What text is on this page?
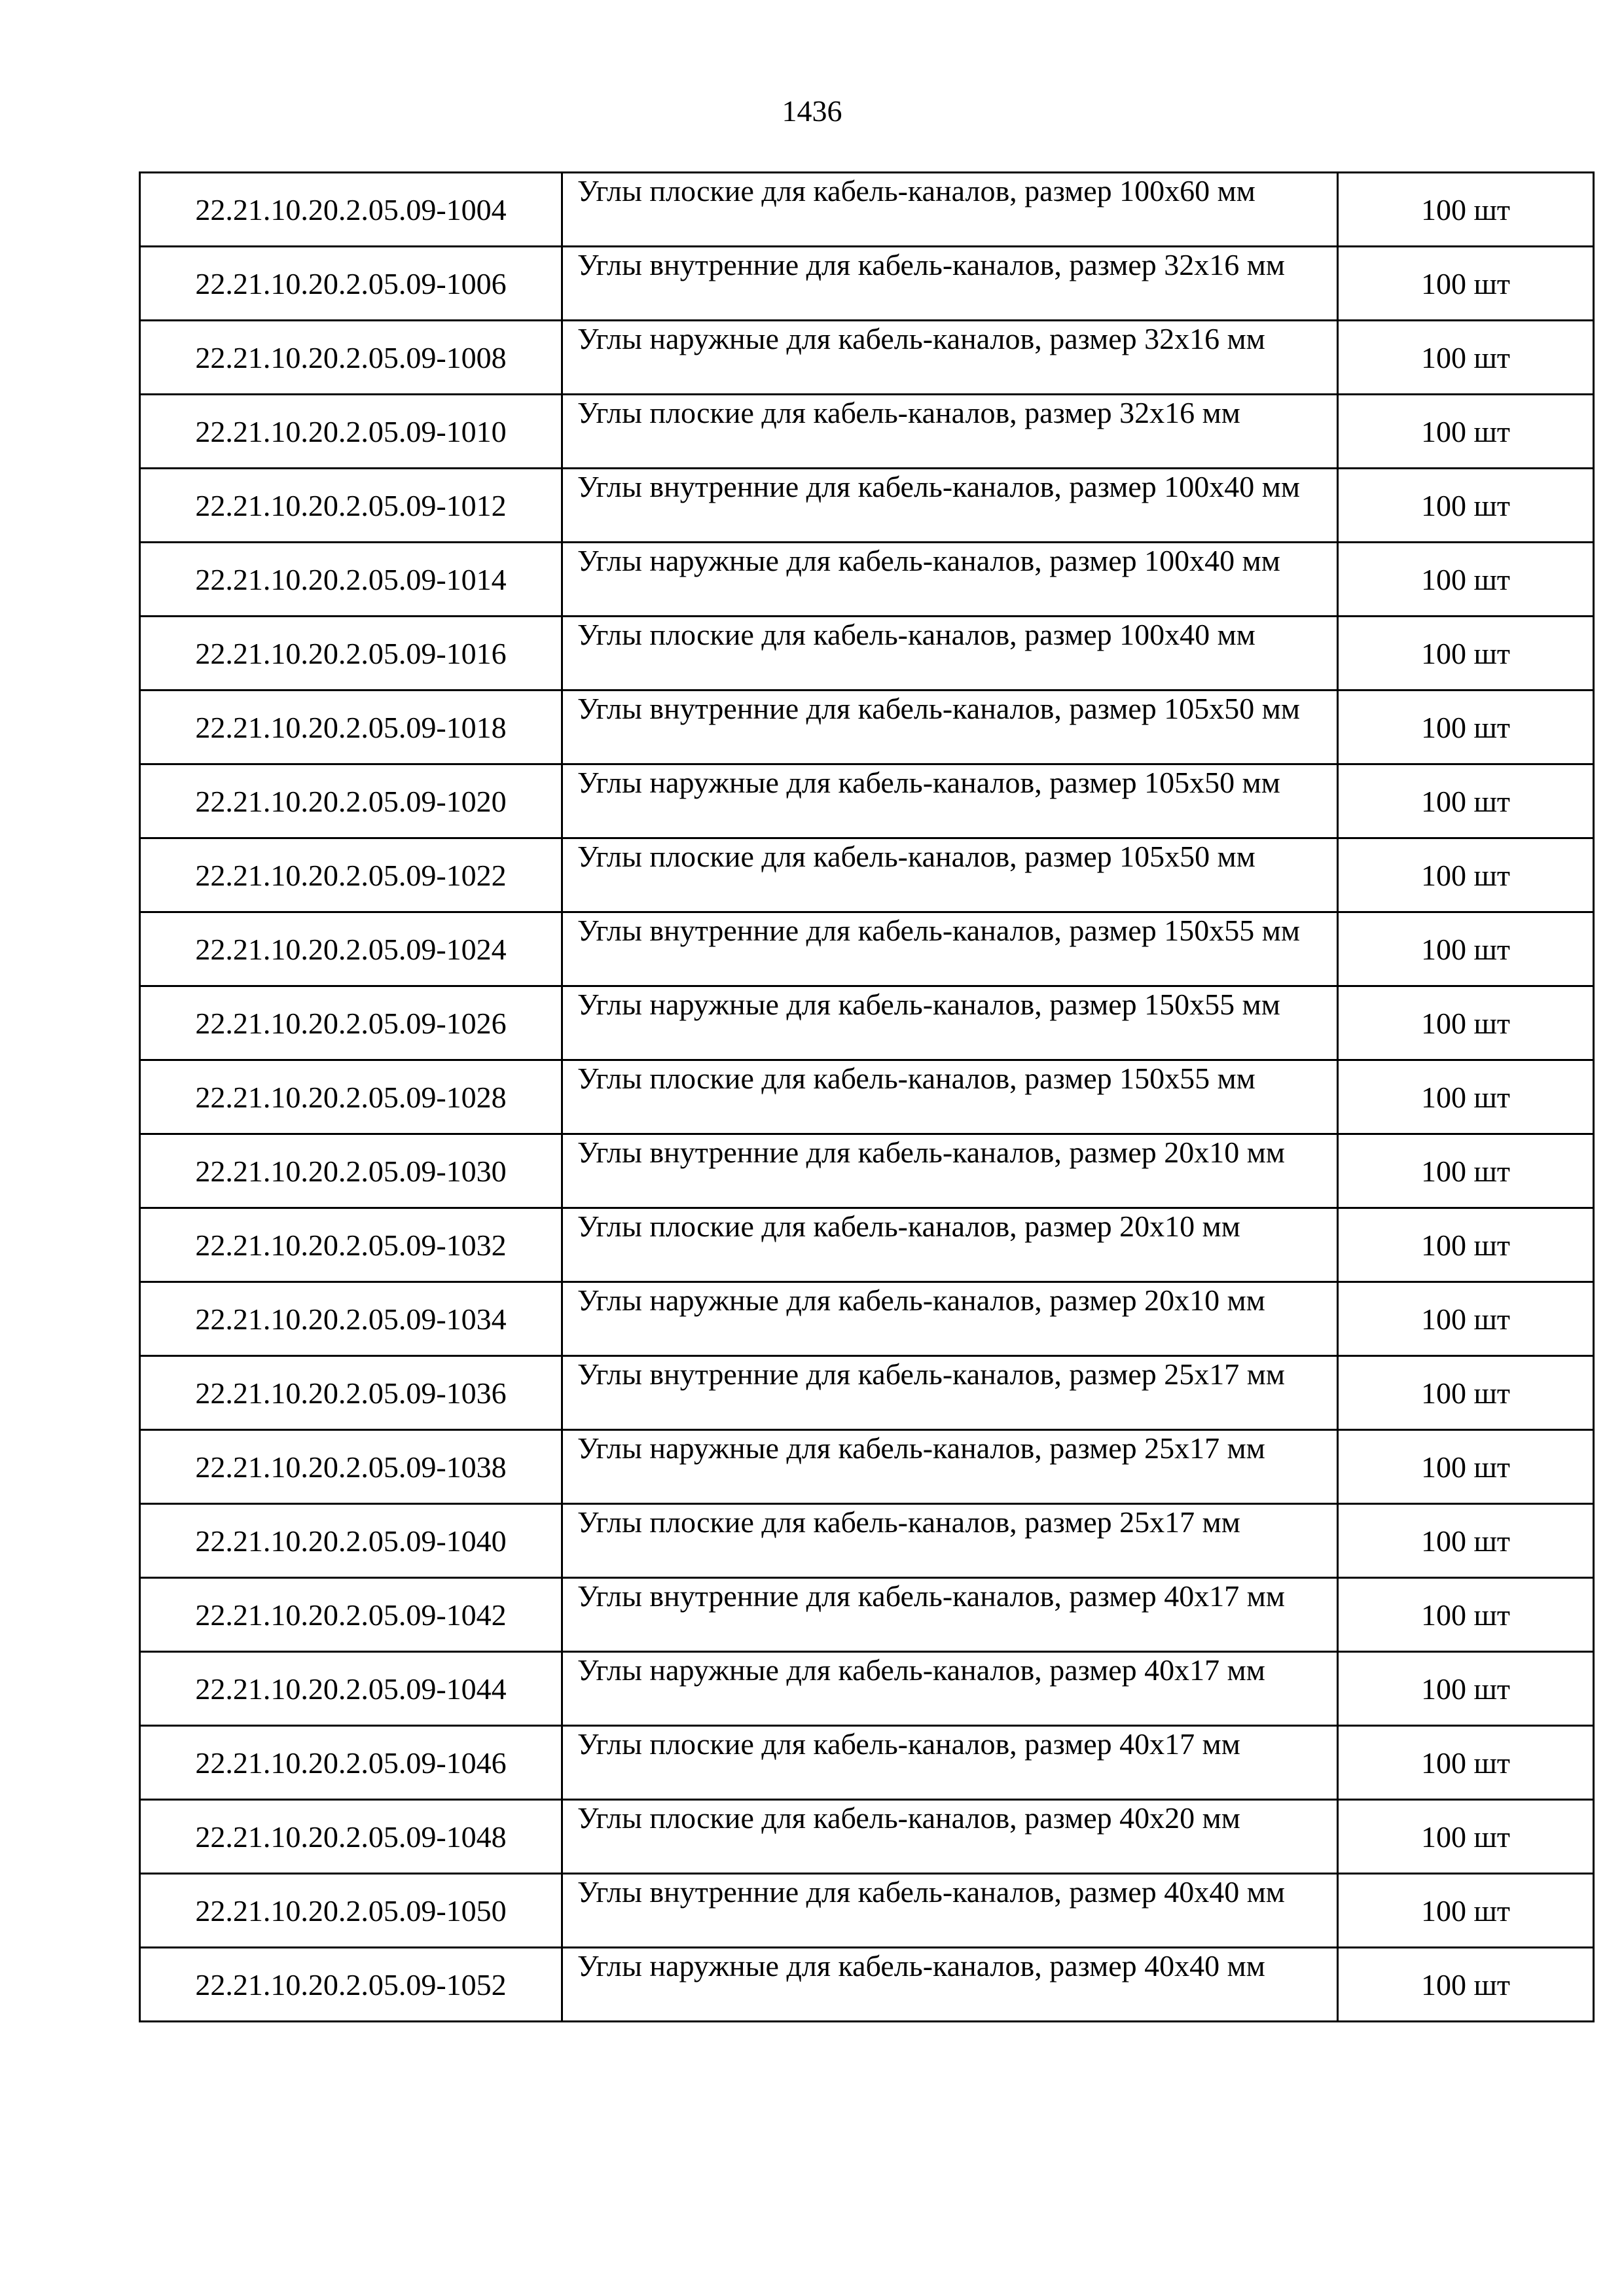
1436
22.21.10.20.2.05.09-1004	Углы плоские для кабель-каналов, размер 100х60 мм	100 шт
22.21.10.20.2.05.09-1006	Углы внутренние для кабель-каналов, размер 32х16 мм	100 шт
22.21.10.20.2.05.09-1008	Углы наружные для кабель-каналов, размер 32х16 мм	100 шт
22.21.10.20.2.05.09-1010	Углы плоские для кабель-каналов, размер 32х16 мм	100 шт
22.21.10.20.2.05.09-1012	Углы внутренние для кабель-каналов, размер 100х40 мм	100 шт
22.21.10.20.2.05.09-1014	Углы наружные для кабель-каналов, размер 100х40 мм	100 шт
22.21.10.20.2.05.09-1016	Углы плоские для кабель-каналов, размер 100х40 мм	100 шт
22.21.10.20.2.05.09-1018	Углы внутренние для кабель-каналов, размер 105х50 мм	100 шт
22.21.10.20.2.05.09-1020	Углы наружные для кабель-каналов, размер 105х50 мм	100 шт
22.21.10.20.2.05.09-1022	Углы плоские для кабель-каналов, размер 105х50 мм	100 шт
22.21.10.20.2.05.09-1024	Углы внутренние для кабель-каналов, размер 150х55 мм	100 шт
22.21.10.20.2.05.09-1026	Углы наружные для кабель-каналов, размер 150х55 мм	100 шт
22.21.10.20.2.05.09-1028	Углы плоские для кабель-каналов, размер 150х55 мм	100 шт
22.21.10.20.2.05.09-1030	Углы внутренние для кабель-каналов, размер 20х10 мм	100 шт
22.21.10.20.2.05.09-1032	Углы плоские для кабель-каналов, размер 20х10 мм	100 шт
22.21.10.20.2.05.09-1034	Углы наружные для кабель-каналов, размер 20х10 мм	100 шт
22.21.10.20.2.05.09-1036	Углы внутренние для кабель-каналов, размер 25х17 мм	100 шт
22.21.10.20.2.05.09-1038	Углы наружные для кабель-каналов, размер 25х17 мм	100 шт
22.21.10.20.2.05.09-1040	Углы плоские для кабель-каналов, размер 25х17 мм	100 шт
22.21.10.20.2.05.09-1042	Углы внутренние для кабель-каналов, размер 40х17 мм	100 шт
22.21.10.20.2.05.09-1044	Углы наружные для кабель-каналов, размер 40х17 мм	100 шт
22.21.10.20.2.05.09-1046	Углы плоские для кабель-каналов, размер 40х17 мм	100 шт
22.21.10.20.2.05.09-1048	Углы плоские для кабель-каналов, размер 40х20 мм	100 шт
22.21.10.20.2.05.09-1050	Углы внутренние для кабель-каналов, размер 40х40 мм	100 шт
22.21.10.20.2.05.09-1052	Углы наружные для кабель-каналов, размер 40х40 мм	100 шт
